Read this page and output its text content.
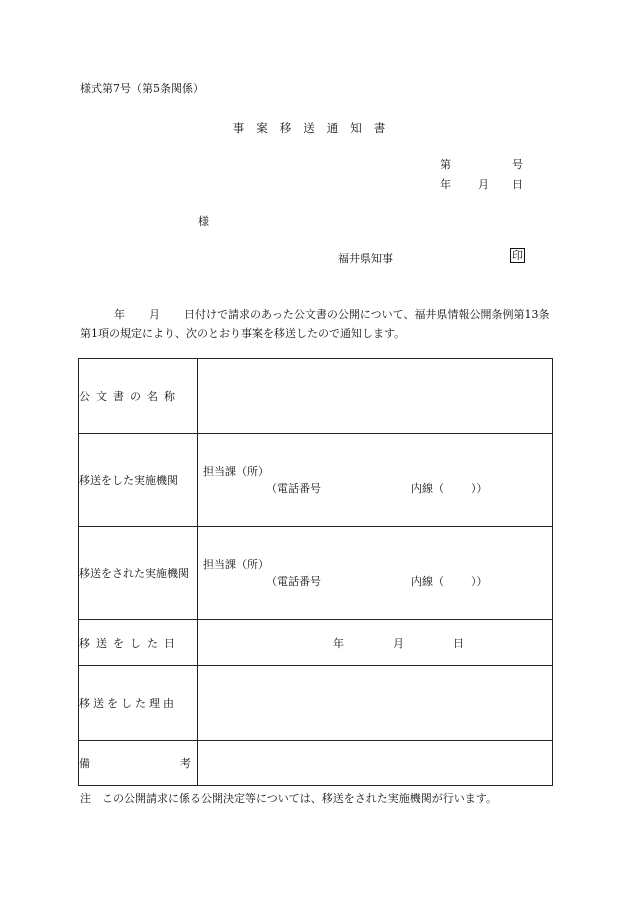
様式第7号（第5条関係）
事案移送通知書
第	号
年 月 日
様
福井県知事	印
年 月 日付けで請求のあった公文書の公開について、福井県情報公開条例第13条第1項の規定により、次のとおり事案を移送したので通知します。
公文書の名称	
移送をした実施機関	担当課（所）
（電話番号 内線（ ））

移送をされた実施機関	担当課（所）
（電話番号 内線（ ））

移送をした日	年 月 日

移送をした理由	

備 考	

注　この公開請求に係る公開決定等については、移送をされた実施機関が行います。
